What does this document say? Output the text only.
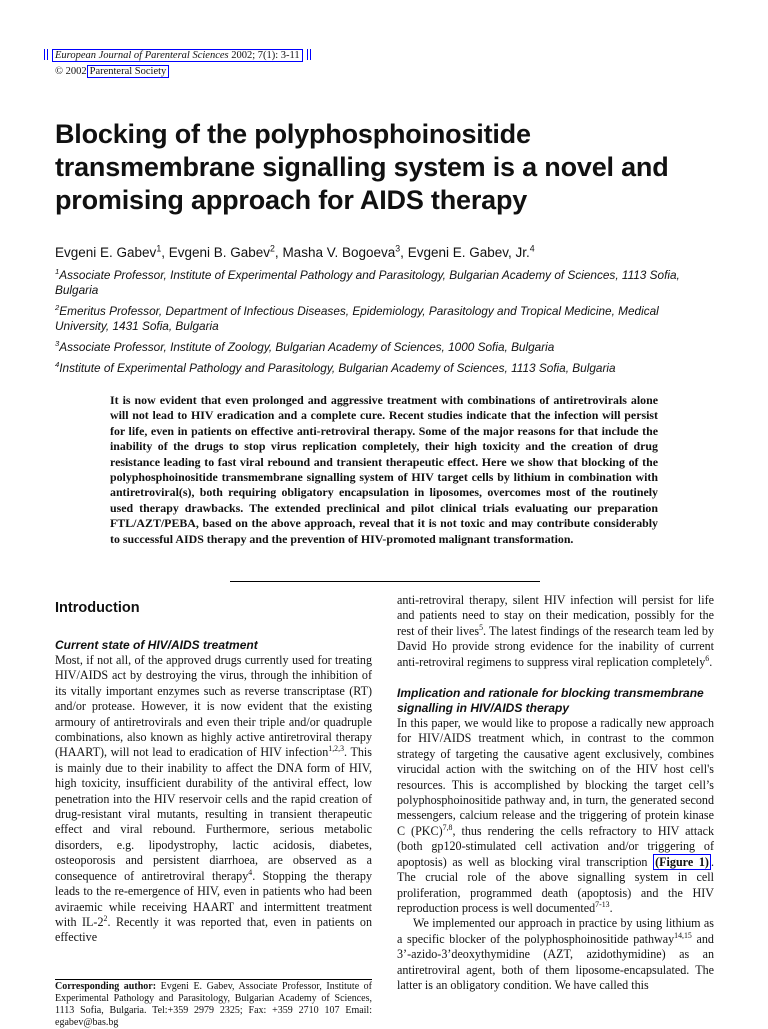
European Journal of Parenteral Sciences 2002; 7(1): 3-11
© 2002 Parenteral Society
Blocking of the polyphosphoinositide transmembrane signalling system is a novel and promising approach for AIDS therapy
Evgeni E. Gabev$^1$, Evgeni B. Gabev$^2$, Masha V. Bogoeva$^3$, Evgeni E. Gabev, Jr.$^4$

$^1$Associate Professor, Institute of Experimental Pathology and Parasitology, Bulgarian Academy of Sciences, 1113 Sofia, Bulgaria

$^2$Emeritus Professor, Department of Infectious Diseases, Epidemiology, Parasitology and Tropical Medicine, Medical University, 1431 Sofia, Bulgaria

$^3$Associate Professor, Institute of Zoology, Bulgarian Academy of Sciences, 1000 Sofia, Bulgaria

$^4$Institute of Experimental Pathology and Parasitology, Bulgarian Academy of Sciences, 1113 Sofia, Bulgaria

It is now evident that even prolonged and aggressive treatment with combinations of antiretrovirals alone will not lead to HIV eradication and a complete cure. Recent studies indicate that the infection will persist for life, even in patients on effective anti-retroviral therapy. Some of the major reasons for that include the inability of the drugs to stop virus replication completely, their high toxicity and the creation of drug resistance leading to fast viral rebound and transient therapeutic effect. Here we show that blocking of the polyphosphoinositide transmembrane signalling system of HIV target cells by lithium in combination with antiretroviral(s), both requiring obligatory encapsulation in liposomes, overcomes most of the routinely used therapy drawbacks. The extended preclinical and pilot clinical trials evaluating our preparation FTL/AZT/PEBA, based on the above approach, reveal that it is not toxic and may contribute considerably to successful AIDS therapy and the prevention of HIV-promoted malignant transformation.

Introduction
Current state of HIV/AIDS treatment

Most, if not all, of the approved drugs currently used for treating HIV/AIDS act by destroying the virus, through the inhibition of its vitally important enzymes such as reverse transcriptase (RT) and/or protease. However, it is now evident that the existing armoury of antiretrovirals and even their triple and/or quadruple combinations, also known as highly active antiretroviral therapy (HAART), will not lead to eradication of HIV infection$^{1,2,3}$. This is mainly due to their inability to affect the DNA form of HIV, high toxicity, insufficient durability of the antiviral effect, low penetration into the HIV reservoir cells and the rapid creation of drug-resistant viral mutants, resulting in transient therapeutic effect and viral rebound. Furthermore, serious metabolic disorders, e.g. lipodystrophy, lactic acidosis, diabetes, osteoporosis and persistent diarrhoea, are observed as a consequence of antiretroviral therapy$^4$. Stopping the therapy leads to the re-emergence of HIV, even in patients who had been aviraemic while receiving HAART and intermittent treatment with $IL-2^2$. Recently it was reported that, even in patients on effective

anti-retroviral therapy, silent HIV infection will persist for life and patients need to stay on their medication, possibly for the rest of their lives$^5$. The latest findings of the research team led by David Ho provide strong evidence for the inability of current anti-retroviral regimens to suppress viral replication completely$^6$.

Implication and rationale for blocking transmembrane signalling in HIV/AIDS therapy

In this paper, we would like to propose a radically new approach for HIV/AIDS treatment which, in contrast to the common strategy of targeting the causative agent exclusively, combines virucidal action with the switching on of the HIV host cell's resources. This is accomplished by blocking the target cell’s polyphosphoinositide pathway and, in turn, the generated second messengers, calcium release and the triggering of protein kinase C (PKC)$^{7,8}$, thus rendering the cells refractory to HIV attack (both gp120-stimulated cell activation and/or triggering of apoptosis) as well as blocking viral transcription (Figure 1) . The crucial role of the above signalling system in cell proliferation, programmed death (apoptosis) and the HIV reproduction process is well documented$^{7-13}$.

We implemented our approach in practice by using lithium as a specific blocker of the polyphosphoinositide pathway$^{14,15}$ and 3’-azido-3’deoxythymidine (AZT, azidothymidine) as an antiretroviral agent, both of them liposome-encapsulated. The latter is an obligatory condition. We have called this

Corresponding author: Evgeni E. Gabev, Associate Professor, Institute of Experimental Pathology and Parasitology, Bulgarian Academy of Sciences, 1113 Sofia, Bulgaria. Tel:+359 2979 2325; Fax: +359 2710 107 Email: egabev@bas.bg
